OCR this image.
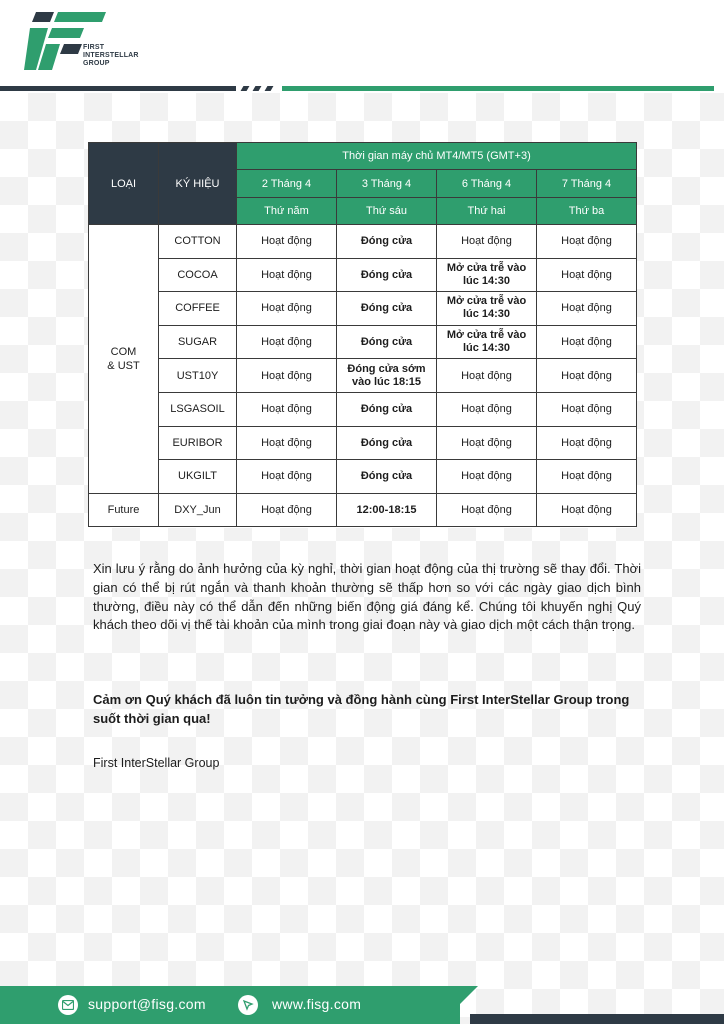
FIRST
INTERSTELLAR
GROUP
LOẠI	KÝ HIỆU	Thời gian máy chủ MT4/MT5 (GMT+3)			
		2 Tháng 4	3 Tháng 4	6 Tháng 4	7 Tháng 4
		Thứ năm	Thứ sáu	Thứ hai	Thứ ba
COM
& UST	COTTON	Hoạt động	Đóng cửa	Hoạt động	Hoạt động
	COCOA	Hoạt động	Đóng cửa	Mở cửa trễ vào lúc 14:30	Hoạt động
	COFFEE	Hoạt động	Đóng cửa	Mở cửa trễ vào lúc 14:30	Hoạt động
	SUGAR	Hoạt động	Đóng cửa	Mở cửa trễ vào lúc 14:30	Hoạt động
	UST10Y	Hoạt động	Đóng cửa sớm vào lúc 18:15	Hoạt động	Hoạt động
	LSGASOIL	Hoạt động	Đóng cửa	Hoạt động	Hoạt động
	EURIBOR	Hoạt động	Đóng cửa	Hoạt động	Hoạt động
	UKGILT	Hoạt động	Đóng cửa	Hoạt động	Hoạt động
Future	DXY_Jun	Hoạt động	12:00-18:15	Hoạt động	Hoạt động
Xin lưu ý rằng do ảnh hưởng của kỳ nghỉ, thời gian hoạt động của thị trường sẽ thay đổi. Thời gian có thể bị rút ngắn và thanh khoản thường sẽ thấp hơn so với các ngày giao dịch bình thường, điều này có thể dẫn đến những biến động giá đáng kể. Chúng tôi khuyến nghị Quý khách theo dõi vị thế tài khoản của mình trong giai đoạn này và giao dịch một cách thận trọng.
Cảm ơn Quý khách đã luôn tin tưởng và đồng hành cùng First InterStellar Group trong suốt thời gian qua!
First InterStellar Group
support@fisg.com	www.fisg.com
